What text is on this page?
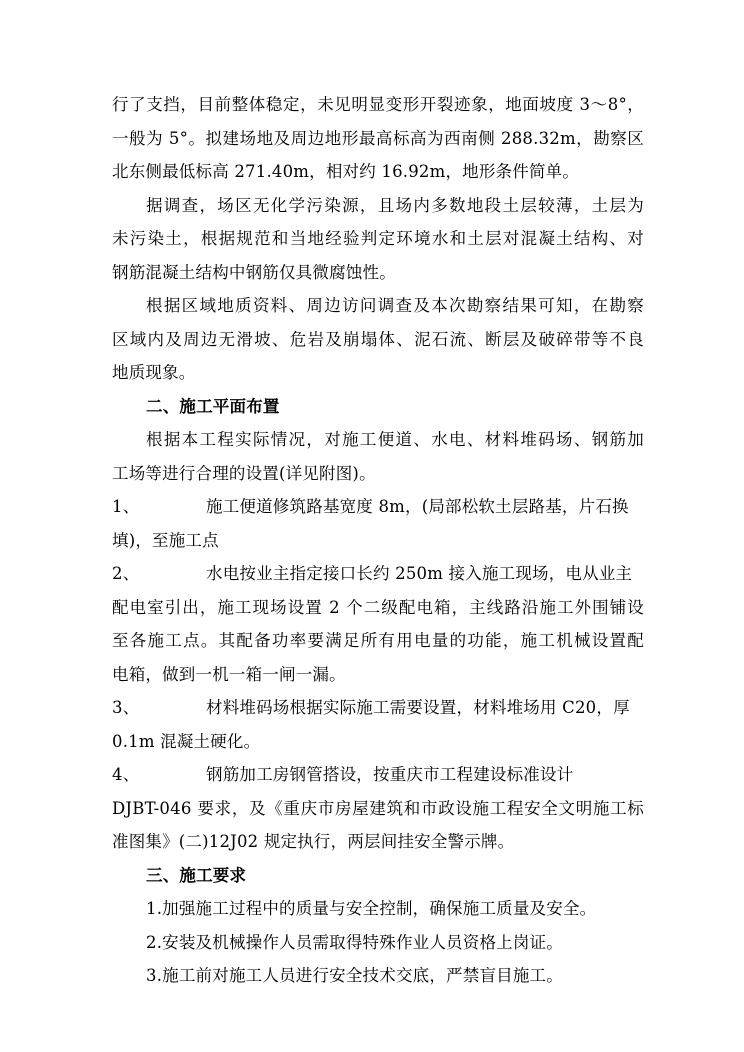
行了支挡，目前整体稳定，未见明显变形开裂迹象，地面坡度 3～8°，
一般为 5°。拟建场地及周边地形最高标高为西南侧 288.32m，勘察区
北东侧最低标高 271.40m，相对约 16.92m，地形条件简单。
据调查，场区无化学污染源，且场内多数地段土层较薄，土层为
未污染土，根据规范和当地经验判定环境水和土层对混凝土结构、对
钢筋混凝土结构中钢筋仅具微腐蚀性。
根据区域地质资料、周边访问调查及本次勘察结果可知，在勘察
区域内及周边无滑坡、危岩及崩塌体、泥石流、断层及破碎带等不良
地质现象。
二、施工平面布置
根据本工程实际情况，对施工便道、水电、材料堆码场、钢筋加
工场等进行合理的设置(详见附图)。
1、	施工便道修筑路基宽度 8m，(局部松软土层路基，片石换
填)，至施工点
2、	水电按业主指定接口长约 250m 接入施工现场，电从业主
配电室引出，施工现场设置 2 个二级配电箱，主线路沿施工外围铺设
至各施工点。其配备功率要满足所有用电量的功能，施工机械设置配
电箱，做到一机一箱一闸一漏。
3、	材料堆码场根据实际施工需要设置，材料堆场用 C20，厚
0.1m 混凝土硬化。
4、	钢筋加工房钢管搭设，按重庆市工程建设标准设计
DJBT-046 要求，及《重庆市房屋建筑和市政设施工程安全文明施工标
准图集》(二)12J02 规定执行，两层间挂安全警示牌。
三、施工要求
1.加强施工过程中的质量与安全控制，确保施工质量及安全。
2.安装及机械操作人员需取得特殊作业人员资格上岗证。
3.施工前对施工人员进行安全技术交底，严禁盲目施工。
